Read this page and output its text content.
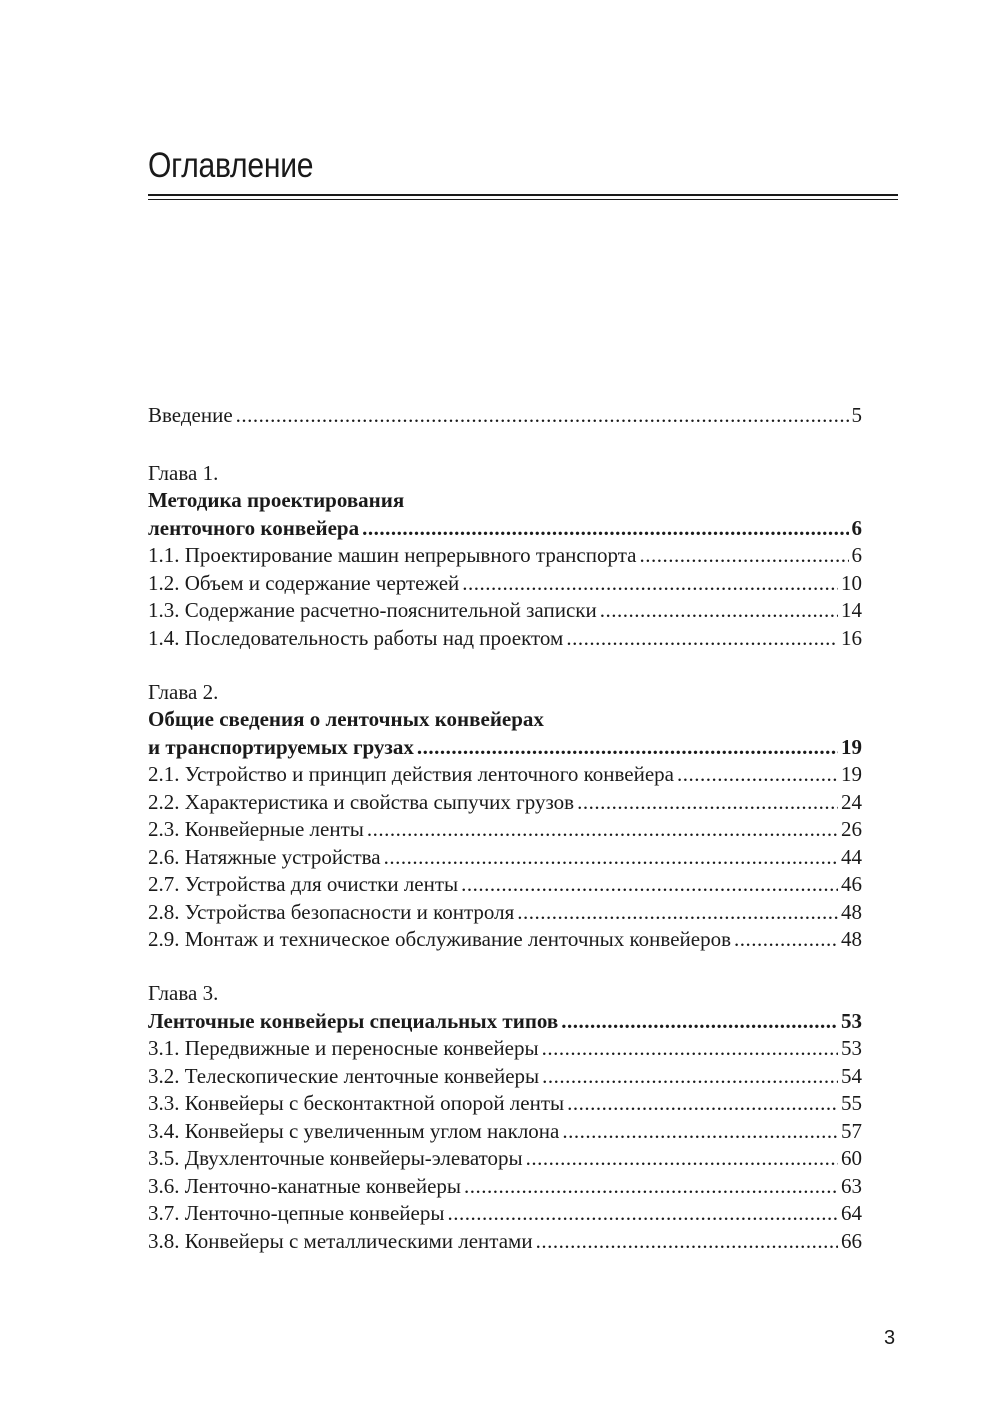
Оглавление
Введение .....	5
Глава 1.
Методика проектирования
ленточного конвейера .....	6
1.1. Проектирование машин непрерывного транспорта .....	6
1.2. Объем и содержание чертежей .....	10
1.3. Содержание расчетно-пояснительной записки .....	14
1.4. Последовательность работы над проектом .....	16
Глава 2.
Общие сведения о ленточных конвейерах
и транспортируемых грузах .....	19
2.1. Устройство и принцип действия ленточного конвейера .....	19
2.2. Характеристика и свойства сыпучих грузов .....	24
2.3. Конвейерные ленты .....	26
2.6. Натяжные устройства .....	44
2.7. Устройства для очистки ленты .....	46
2.8. Устройства безопасности и контроля .....	48
2.9. Монтаж и техническое обслуживание ленточных конвейеров .....	48
Глава 3.
Ленточные конвейеры специальных типов .....	53
3.1. Передвижные и переносные конвейеры .....	53
3.2. Телескопические ленточные конвейеры .....	54
3.3. Конвейеры с бесконтактной опорой ленты .....	55
3.4. Конвейеры с увеличенным углом наклона .....	57
3.5. Двухленточные конвейеры-элеваторы .....	60
3.6. Ленточно-канатные конвейеры .....	63
3.7. Ленточно-цепные конвейеры .....	64
3.8. Конвейеры с металлическими лентами .....	66
3
